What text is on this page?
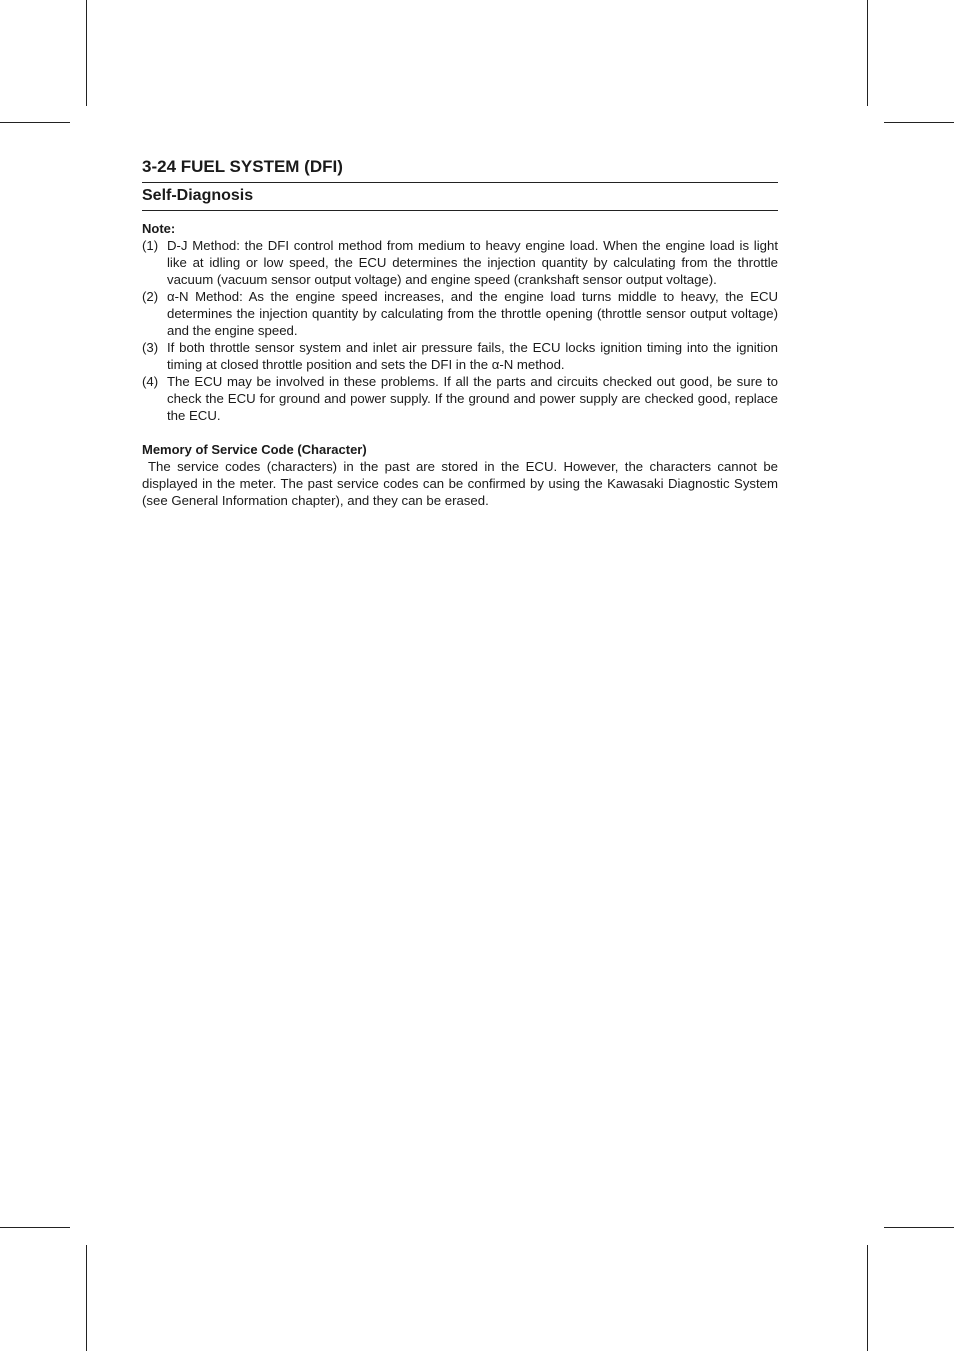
3-24 FUEL SYSTEM (DFI)
Self-Diagnosis
Note:
(1) D-J Method: the DFI control method from medium to heavy engine load. When the engine load is light like at idling or low speed, the ECU determines the injection quantity by calculating from the throttle vacuum (vacuum sensor output voltage) and engine speed (crankshaft sensor output voltage).
(2) α-N Method: As the engine speed increases, and the engine load turns middle to heavy, the ECU determines the injection quantity by calculating from the throttle opening (throttle sensor output voltage) and the engine speed.
(3) If both throttle sensor system and inlet air pressure fails, the ECU locks ignition timing into the ignition timing at closed throttle position and sets the DFI in the α-N method.
(4) The ECU may be involved in these problems. If all the parts and circuits checked out good, be sure to check the ECU for ground and power supply. If the ground and power supply are checked good, replace the ECU.
Memory of Service Code (Character)

The service codes (characters) in the past are stored in the ECU. However, the characters cannot be displayed in the meter. The past service codes can be confirmed by using the Kawasaki Diagnostic System (see General Information chapter), and they can be erased.
